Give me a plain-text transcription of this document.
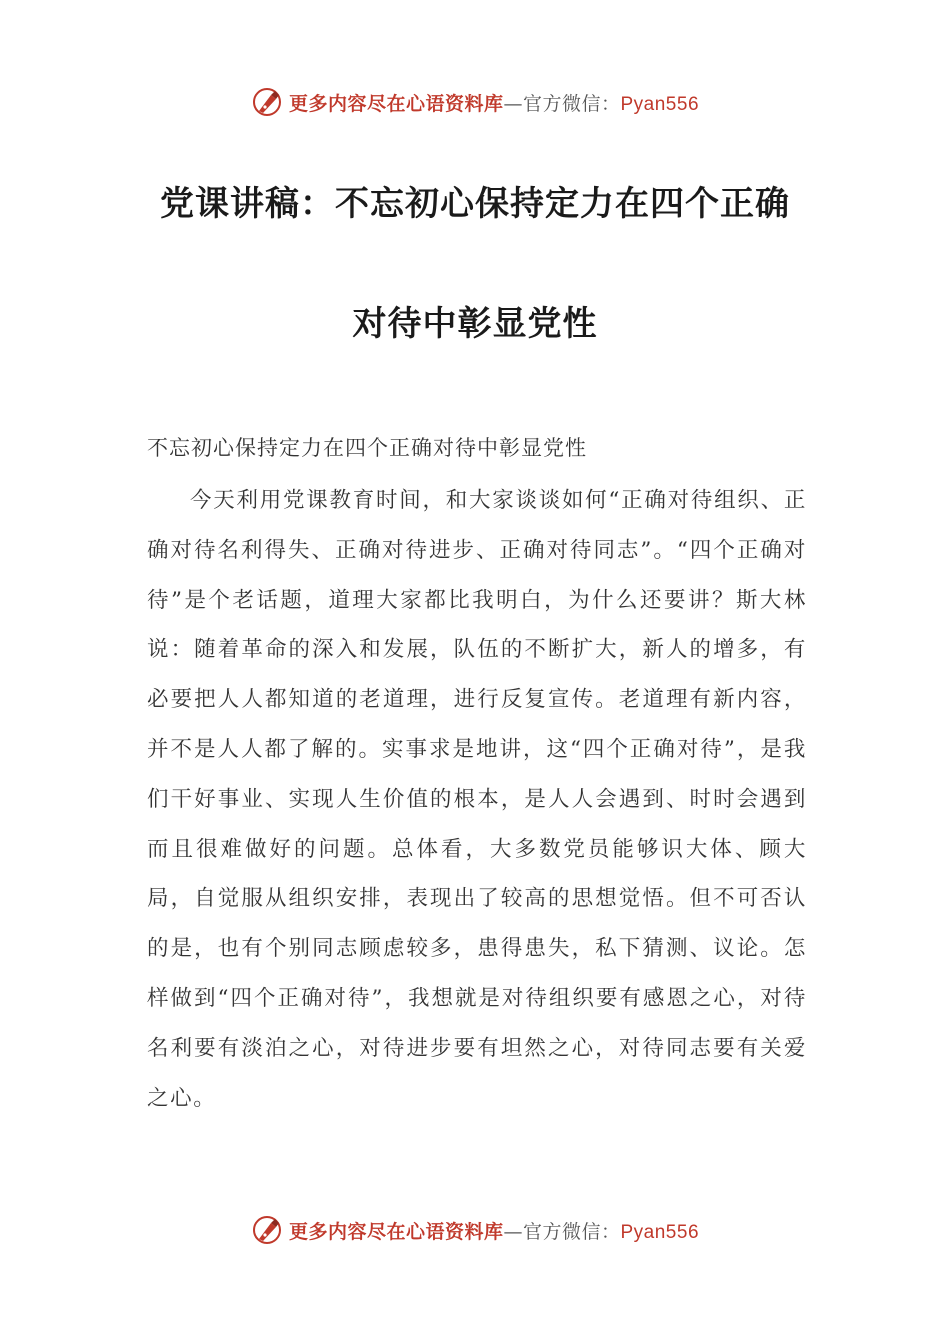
更多内容尽在心语资料库—官方微信：Pyan556
党课讲稿：不忘初心保持定力在四个正确
对待中彰显党性
不忘初心保持定力在四个正确对待中彰显党性

今天利用党课教育时间，和大家谈谈如何“正确对待组织、正确对待名利得失、正确对待进步、正确对待同志”。“四个正确对待”是个老话题，道理大家都比我明白，为什么还要讲？斯大林说：随着革命的深入和发展，队伍的不断扩大，新人的增多，有必要把人人都知道的老道理，进行反复宣传。老道理有新内容，并不是人人都了解的。实事求是地讲，这“四个正确对待”，是我们干好事业、实现人生价值的根本，是人人会遇到、时时会遇到而且很难做好的问题。总体看，大多数党员能够识大体、顾大局，自觉服从组织安排，表现出了较高的思想觉悟。但不可否认的是，也有个别同志顾虑较多，患得患失，私下猜测、议论。怎样做到“四个正确对待”，我想就是对待组织要有感恩之心，对待名利要有淡泊之心，对待进步要有坦然之心，对待同志要有关爱之心。

更多内容尽在心语资料库—官方微信：Pyan556
